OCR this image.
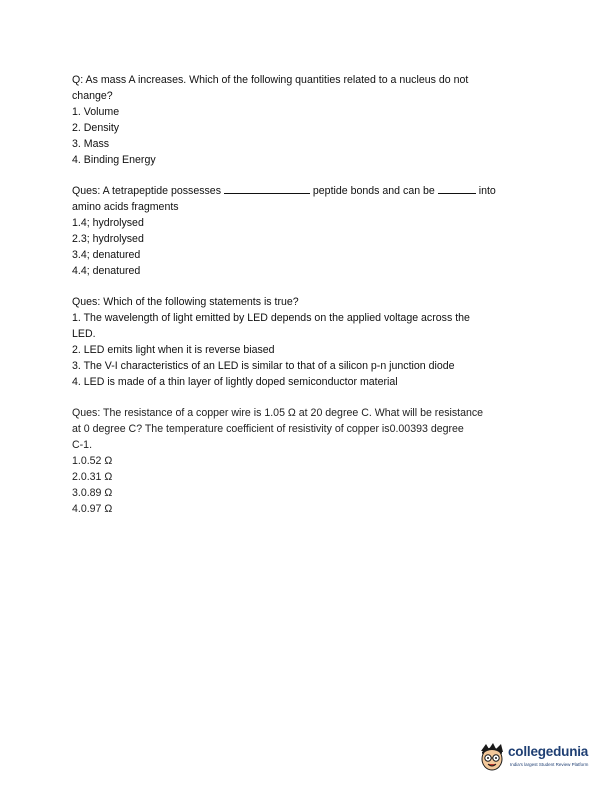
Q: As mass A increases. Which of the following quantities related to a nucleus do not
change?
1. Volume
2. Density
3. Mass
4. Binding Energy
Ques: A tetrapeptide possesses	peptide bonds and can be	into
amino acids fragments
1.4; hydrolysed
2.3; hydrolysed
3.4; denatured
4.4; denatured
Ques: Which of the following statements is true?
1. The wavelength of light emitted by LED depends on the applied voltage across the
LED.
2. LED emits light when it is reverse biased
3. The V-I characteristics of an LED is similar to that of a silicon p-n junction diode
4. LED is made of a thin layer of lightly doped semiconductor material
Ques: The resistance of a copper wire is 1.05 Ω at 20 degree C. What will be resistance
at 0 degree C? The temperature coefficient of resistivity of copper is0.00393 degree
C-1.
1.0.52 Ω
2.0.31 Ω
3.0.89 Ω
4.0.97 Ω
collegedunia
India's largest Student Review Platform
